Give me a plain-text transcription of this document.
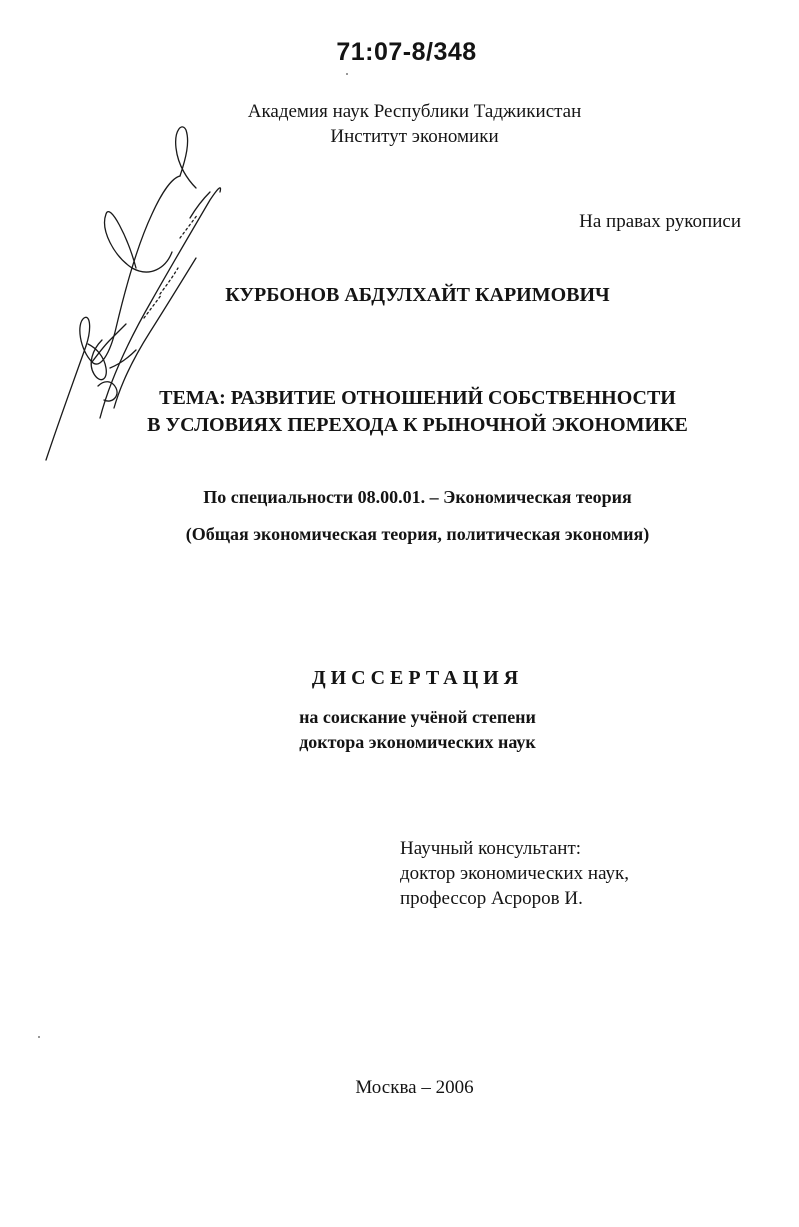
71:07-8/348
Академия наук Республики Таджикистан
Институт экономики
На правах рукописи
КУРБОНОВ АБДУЛХАЙТ КАРИМОВИЧ
ТЕМА: РАЗВИТИЕ ОТНОШЕНИЙ СОБСТВЕННОСТИ
В УСЛОВИЯХ ПЕРЕХОДА К РЫНОЧНОЙ ЭКОНОМИКЕ
По специальности 08.00.01. – Экономическая теория
(Общая экономическая теория, политическая экономия)
ДИССЕРТАЦИЯ
на соискание учёной степени
доктора экономических наук
Научный консультант:
доктор экономических наук,
профессор Асроров И.
Москва – 2006
